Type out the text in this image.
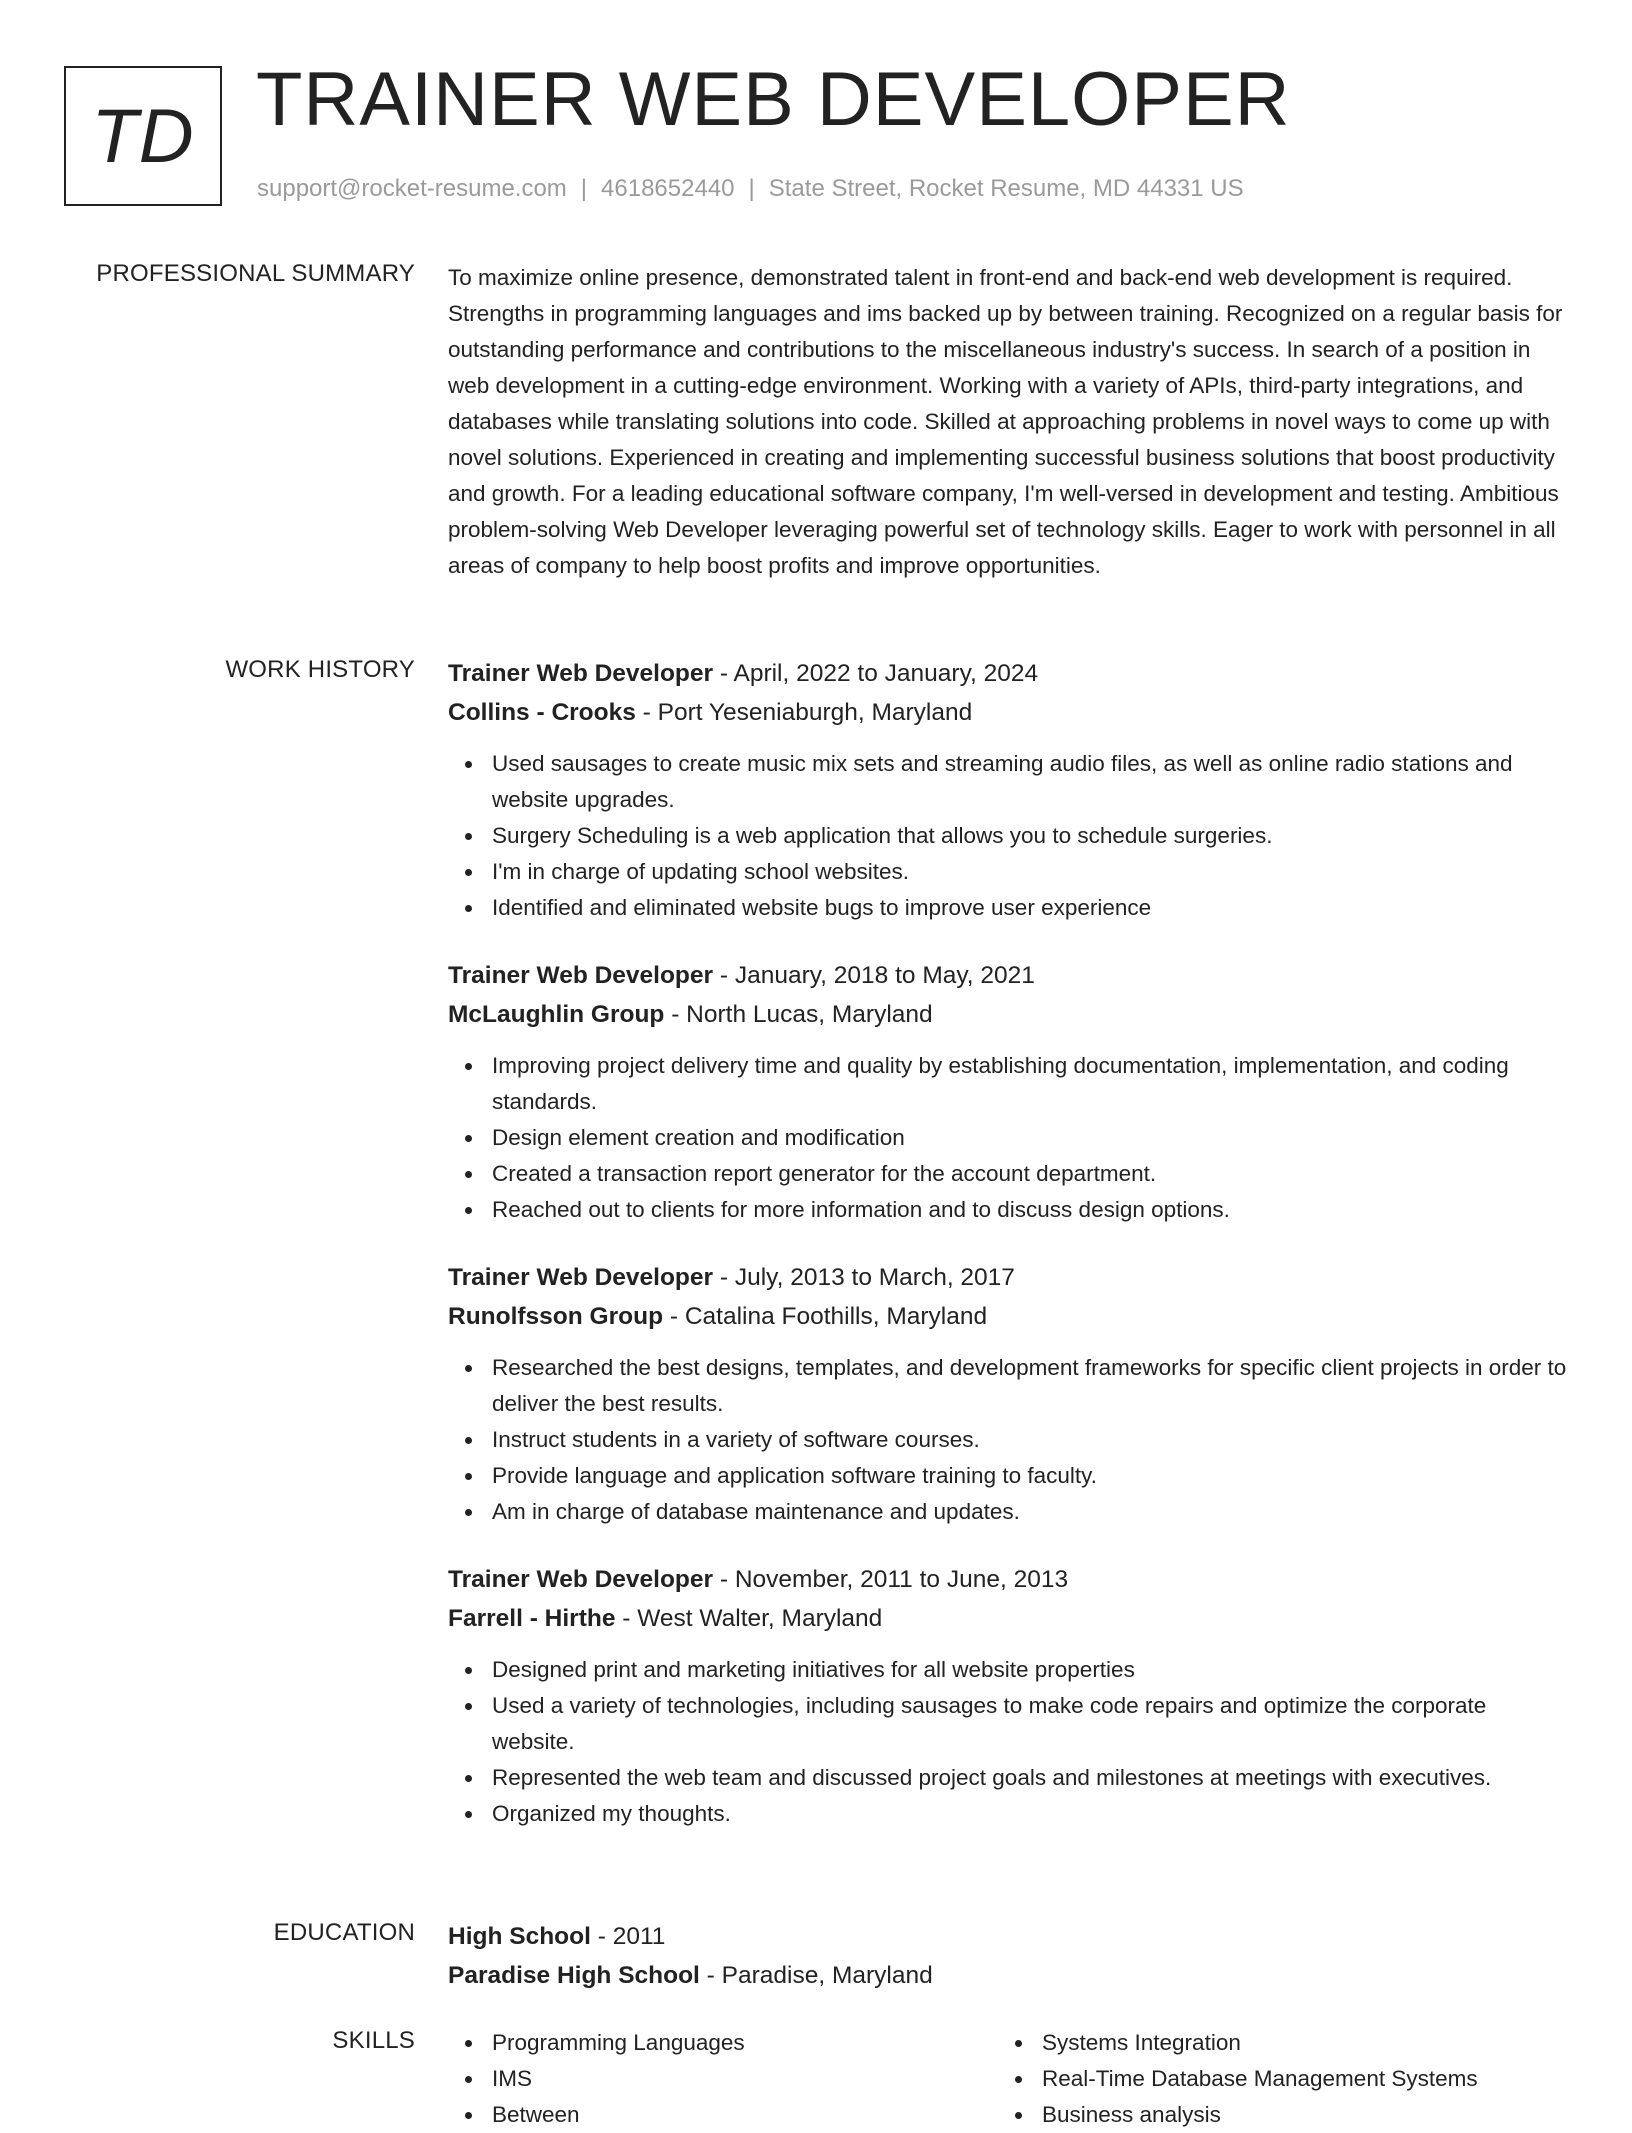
TD TRAINER WEB DEVELOPER
support@rocket-resume.com | 4618652440 | State Street, Rocket Resume, MD 44331 US
PROFESSIONAL SUMMARY To maximize online presence, demonstrated talent in front-end and back-end web development is required. Strengths in programming languages and ims backed up by between training. Recognized on a regular basis for outstanding performance and contributions to the miscellaneous industry's success. In search of a position in web development in a cutting-edge environment. Working with a variety of APIs, third-party integrations, and databases while translating solutions into code. Skilled at approaching problems in novel ways to come up with novel solutions. Experienced in creating and implementing successful business solutions that boost productivity and growth. For a leading educational software company, I'm well-versed in development and testing. Ambitious problem-solving Web Developer leveraging powerful set of technology skills. Eager to work with personnel in all areas of company to help boost profits and improve opportunities.

WORK HISTORY Trainer Web Developer - April, 2022 to January, 2024
Collins - Crooks - Port Yeseniaburgh, Maryland
Used sausages to create music mix sets and streaming audio files, as well as online radio stations and website upgrades.
Surgery Scheduling is a web application that allows you to schedule surgeries.
I'm in charge of updating school websites.
Identified and eliminated website bugs to improve user experience
Trainer Web Developer - January, 2018 to May, 2021
McLaughlin Group - North Lucas, Maryland
Improving project delivery time and quality by establishing documentation, implementation, and coding standards.
Design element creation and modification
Created a transaction report generator for the account department.
Reached out to clients for more information and to discuss design options.
Trainer Web Developer - July, 2013 to March, 2017
Runolfsson Group - Catalina Foothills, Maryland
Researched the best designs, templates, and development frameworks for specific client projects in order to deliver the best results.
Instruct students in a variety of software courses.
Provide language and application software training to faculty.
Am in charge of database maintenance and updates.
Trainer Web Developer - November, 2011 to June, 2013
Farrell - Hirthe - West Walter, Maryland
Designed print and marketing initiatives for all website properties
Used a variety of technologies, including sausages to make code repairs and optimize the corporate website.
Represented the web team and discussed project goals and milestones at meetings with executives.
Organized my thoughts.
EDUCATION High School - 2011
Paradise High School - Paradise, Maryland
SKILLS	Programming Languages
IMS
Between
Systems Integration
Real-Time Database Management Systems
Business analysis
